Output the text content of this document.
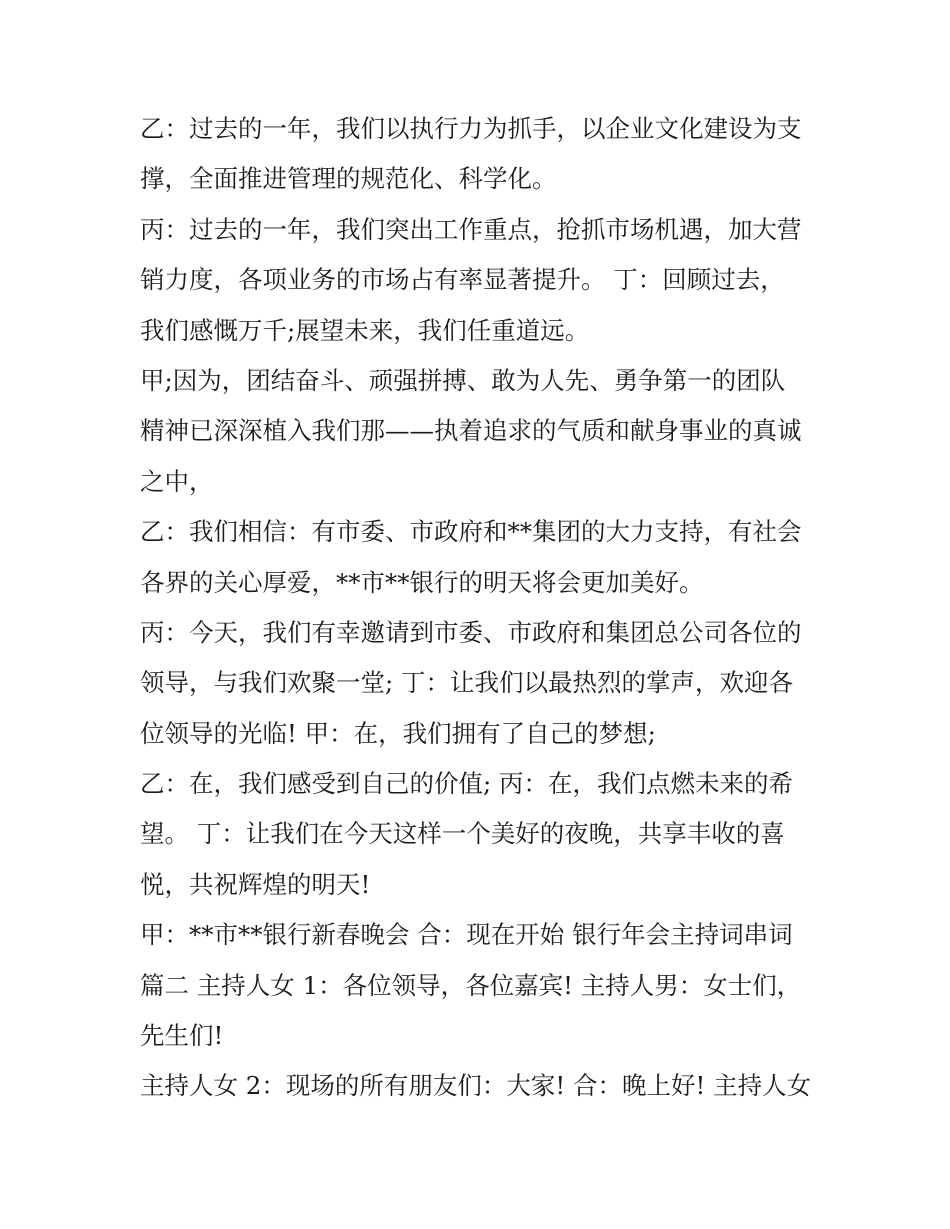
乙：过去的一年，我们以执行力为抓手，以企业文化建设为支
撑，全面推进管理的规范化、科学化。
丙：过去的一年，我们突出工作重点，抢抓市场机遇，加大营
销力度，各项业务的市场占有率显著提升。 丁：回顾过去，
我们感慨万千;展望未来，我们任重道远。
甲;因为，团结奋斗、顽强拼搏、敢为人先、勇争第一的团队
精神已深深植入我们那——执着追求的气质和献身事业的真诚
之中，
乙：我们相信：有市委、市政府和**集团的大力支持，有社会
各界的关心厚爱，**市**银行的明天将会更加美好。
丙：今天，我们有幸邀请到市委、市政府和集团总公司各位的
领导，与我们欢聚一堂; 丁：让我们以最热烈的掌声，欢迎各
位领导的光临! 甲：在，我们拥有了自己的梦想;
乙：在，我们感受到自己的价值; 丙：在，我们点燃未来的希
望。 丁：让我们在今天这样一个美好的夜晚，共享丰收的喜
悦，共祝辉煌的明天!
甲：**市**银行新春晚会 合：现在开始 银行年会主持词串词
篇二 主持人女 1：各位领导，各位嘉宾! 主持人男：女士们，
先生们!
主持人女 2：现场的所有朋友们：大家! 合：晚上好! 主持人女
